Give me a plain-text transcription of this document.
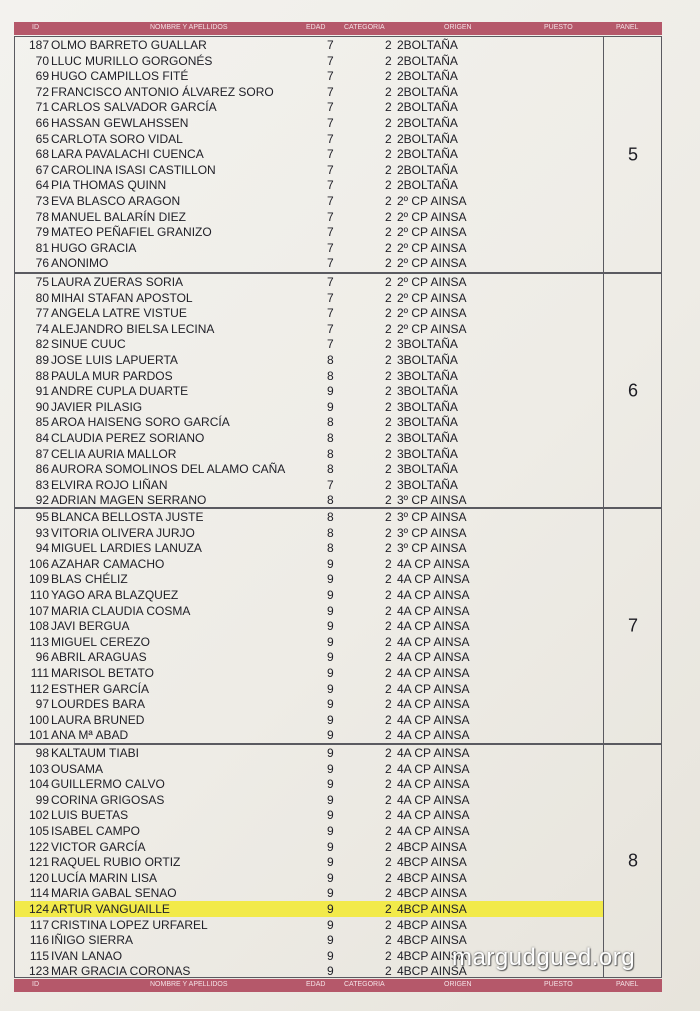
ID	NOMBRE Y APELLIDOS	EDAD	CATEGORIA	ORIGEN	PUESTO	PANEL
187 OLMO BARRETO GUALLAR	7	2 2BOLTAÑA
70 LLUC MURILLO GORGONÉS	7	2 2BOLTAÑA
69 HUGO CAMPILLOS FITÉ	7	2 2BOLTAÑA
72 FRANCISCO ANTONIO ÁLVAREZ SORO	7	2 2BOLTAÑA
71 CARLOS SALVADOR GARCÍA	7	2 2BOLTAÑA
66 HASSAN GEWLAHSSEN	7	2 2BOLTAÑA
65 CARLOTA SORO VIDAL	7	2 2BOLTAÑA
68 LARA PAVALACHI CUENCA	7	2 2BOLTAÑA
67 CAROLINA ISASI CASTILLON	7	2 2BOLTAÑA
64 PIA THOMAS QUINN	7	2 2BOLTAÑA
73 EVA BLASCO ARAGON	7	2 2º CP AINSA
78 MANUEL BALARÍN DIEZ	7	2 2º CP AINSA
79 MATEO PEÑAFIEL GRANIZO	7	2 2º CP AINSA
81 HUGO GRACIA	7	2 2º CP AINSA
76 ANONIMO	7	2 2º CP AINSA
5
75 LAURA ZUERAS SORIA	7	2 2º CP AINSA
80 MIHAI STAFAN APOSTOL	7	2 2º CP AINSA
77 ANGELA LATRE VISTUE	7	2 2º CP AINSA
74 ALEJANDRO BIELSA LECINA	7	2 2º CP AINSA
82 SINUE CUUC	7	2 3BOLTAÑA
89 JOSE LUIS LAPUERTA	8	2 3BOLTAÑA
88 PAULA MUR PARDOS	8	2 3BOLTAÑA
91 ANDRE CUPLA DUARTE	9	2 3BOLTAÑA
90 JAVIER PILASIG	9	2 3BOLTAÑA
85 AROA HAISENG SORO GARCÍA	8	2 3BOLTAÑA
84 CLAUDIA PEREZ SORIANO	8	2 3BOLTAÑA
87 CELIA AURIA MALLOR	8	2 3BOLTAÑA
86 AURORA SOMOLINOS DEL ALAMO CAÑA	8	2 3BOLTAÑA
83 ELVIRA ROJO LIÑAN	7	2 3BOLTAÑA
92 ADRIAN MAGEN SERRANO	8	2 3º CP AINSA
6
95 BLANCA BELLOSTA JUSTE	8	2 3º CP AINSA
93 VITORIA OLIVERA JURJO	8	2 3º CP AINSA
94 MIGUEL LARDIES LANUZA	8	2 3º CP AINSA
106 AZAHAR CAMACHO	9	2 4A CP AINSA
109 BLAS CHÉLIZ	9	2 4A CP AINSA
110 YAGO ARA BLAZQUEZ	9	2 4A CP AINSA
107 MARIA CLAUDIA COSMA	9	2 4A CP AINSA
108 JAVI BERGUA	9	2 4A CP AINSA
113 MIGUEL CEREZO	9	2 4A CP AINSA
96 ABRIL ARAGUAS	9	2 4A CP AINSA
111 MARISOL BETATO	9	2 4A CP AINSA
112 ESTHER GARCÍA	9	2 4A CP AINSA
97 LOURDES BARA	9	2 4A CP AINSA
100 LAURA BRUNED	9	2 4A CP AINSA
101 ANA Mª ABAD	9	2 4A CP AINSA
7
98 KALTAUM TIABI	9	2 4A CP AINSA
103 OUSAMA	9	2 4A CP AINSA
104 GUILLERMO CALVO	9	2 4A CP AINSA
99 CORINA GRIGOSAS	9	2 4A CP AINSA
102 LUIS BUETAS	9	2 4A CP AINSA
105 ISABEL CAMPO	9	2 4A CP AINSA
122 VICTOR GARCÍA	9	2 4BCP AINSA
121 RAQUEL RUBIO ORTIZ	9	2 4BCP AINSA
120 LUCÍA MARIN LISA	9	2 4BCP AINSA
114 MARIA GABAL SENAO	9	2 4BCP AINSA
124 ARTUR VANGUAILLE	9	2 4BCP AINSA
117 CRISTINA LOPEZ URFAREL	9	2 4BCP AINSA
116 IÑIGO SIERRA	9	2 4BCP AINSA
115 IVAN LANAO	9	2 4BCP AINSA
123 MAR GRACIA CORONAS	9	2 4BCP AINSA
8
ID	NOMBRE Y APELLIDOS	EDAD	CATEGORIA	ORIGEN	PUESTO	PANEL
margudgued.org
